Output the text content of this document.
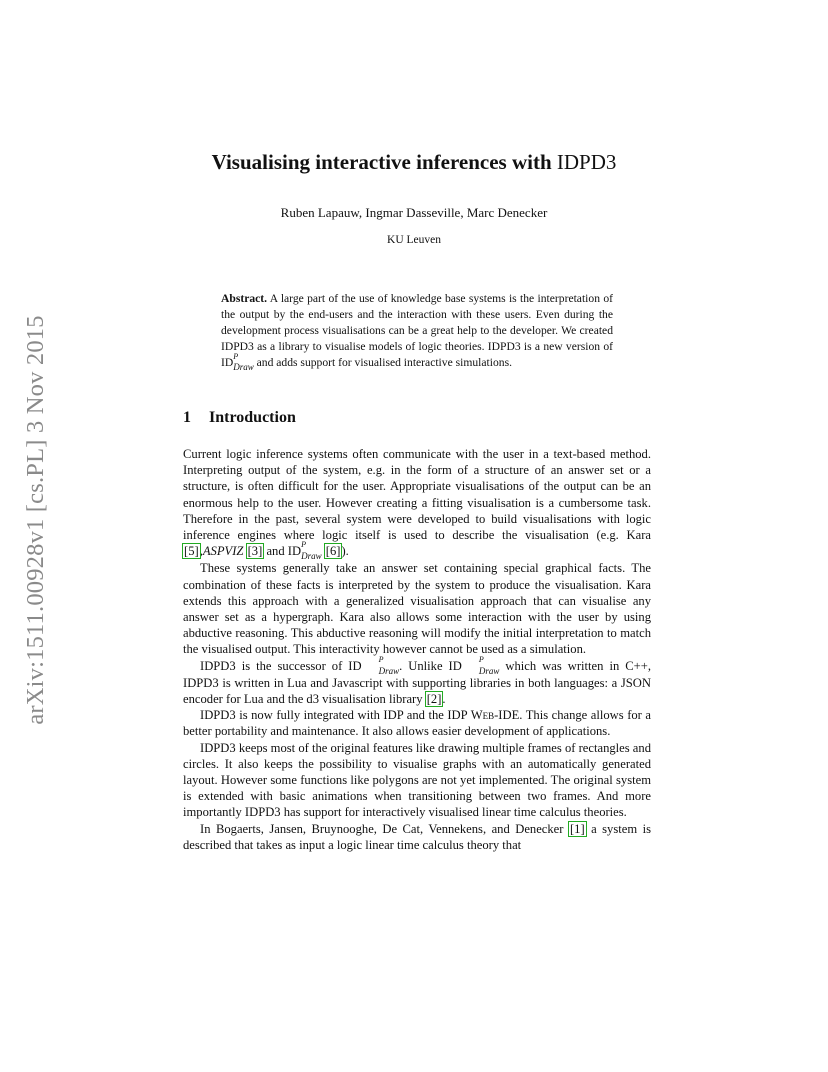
arXiv:1511.00928v1 [cs.PL] 3 Nov 2015
Visualising interactive inferences with IDPD3
Ruben Lapauw, Ingmar Dasseville, Marc Denecker
KU Leuven
Abstract. A large part of the use of knowledge base systems is the interpretation of the output by the end-users and the interaction with these users. Even during the development process visualisations can be a great help to the developer. We created IDPD3 as a library to visualise models of logic theories. IDPD3 is a new version of ID P
$_{Draw}$ and adds support for visualised interactive simulations.
1 Introduction

Current logic inference systems often communicate with the user in a text-based method. Interpreting output of the system, e.g. in the form of a structure of an answer set or a structure, is often difficult for the user. Appropriate visualisations of the output can be an enormous help to the user. However creating a fitting visualisation is a cumbersome task. Therefore in the past, several system were developed to build visualisations with logic inference engines where logic itself is used to describe the visualisation (e.g. Kara [5],ASPVIZ [3] and ID P
$_{Draw}$ [6]).

These systems generally take an answer set containing special graphical facts. The combination of these facts is interpreted by the system to produce the visualisation. Kara extends this approach with a generalized visualisation approach that can visualise any answer set as a hypergraph. Kara also allows some interaction with the user by using abductive reasoning. This abductive reasoning will modify the initial interpretation to match the visualised output. This interactivity however cannot be used as a simulation.

IDPD3 is the successor of ID	P
$_{Draw}$. Unlike ID	P
$_{Draw}$ which was written in C++, IDPD3 is written in Lua and Javascript with supporting libraries in both languages: a JSON encoder for Lua and the d3 visualisation library [2].

IDPD3 is now fully integrated with IDP and the IDP Web-IDE. This change allows for a better portability and maintenance. It also allows easier development of applications.

IDPD3 keeps most of the original features like drawing multiple frames of rectangles and circles. It also keeps the possibility to visualise graphs with an automatically generated layout. However some functions like polygons are not yet implemented. The original system is extended with basic animations when transitioning between two frames. And more importantly IDPD3 has support for interactively visualised linear time calculus theories.

In Bogaerts, Jansen, Bruynooghe, De Cat, Vennekens, and Denecker [1] a system is described that takes as input a logic linear time calculus theory that
